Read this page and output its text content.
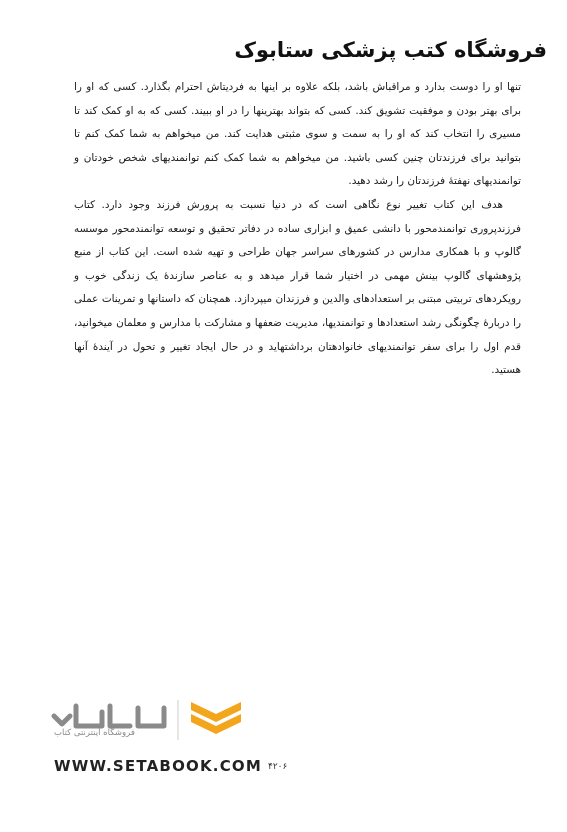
فروشگاه کتب پزشکی ستابوک

تنها او را دوست بدارد و مراقباش باشد، بلکه علاوه بر اینها به فردیتاش احترام بگذارد. کسی که او را برای بهتر بودن و موفقیت تشویق کند. کسی که بتواند بهترینها را در او ببیند. کسی که به او کمک کند تا مسیری را انتخاب کند که او را به سمت و سوی مثبتی هدایت کند. من میخواهم به شما کمک کنم تا بتوانید برای فرزندتان چنین کسی باشید. من میخواهم به شما کمک کنم توانمندیهای شخص خودتان و توانمندیهای نهفتهٔ فرزندتان را رشد دهید.

هدف این کتاب تغییر نوع نگاهی است که در دنیا نسبت به پرورش فرزند وجود دارد. کتاب فرزندپروری توانمندمحور با دانشی عمیق و ابزاری ساده در دفاتر تحقیق و توسعه توانمندمحور موسسه گالوپ و با همکاری مدارس در کشورهای سراسر جهان طراحی و تهیه شده است. این کتاب از منبع پژوهشهای گالوپ بینش مهمی در اختیار شما قرار میدهد و به عناصر سازندهٔ یک زندگی خوب و رویکردهای تربیتی مبتنی بر استعدادهای والدین و فرزندان میپردازد. همچنان که داستانها و تمرینات عملی را دربارهٔ چگونگی رشد استعدادها و توانمندیها، مدیریت ضعفها و مشارکت با مدارس و معلمان میخوانید، قدم اول را برای سفر توانمندیهای خانوادهتان برداشتهاید و در حال ایجاد تغییر و تحول در آیندهٔ آنها هستید.

فروشگاه اینترنتی کتاب
WWW.SETABOOK.COM ۴۲۰۶
